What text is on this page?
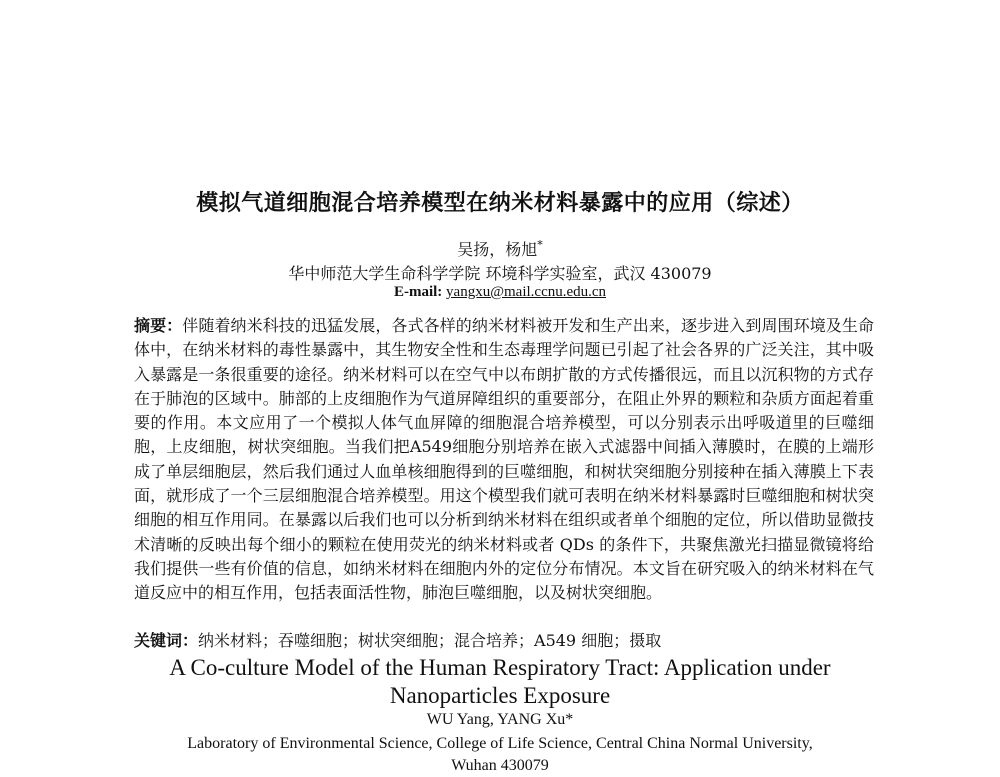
模拟气道细胞混合培养模型在纳米材料暴露中的应用（综述）
吴扬，杨旭*
华中师范大学生命科学学院 环境科学实验室，武汉 430079
E-mail: yangxu@mail.ccnu.edu.cn
摘要：伴随着纳米科技的迅猛发展，各式各样的纳米材料被开发和生产出来，逐步进入到周围环境及生命体中，在纳米材料的毒性暴露中，其生物安全性和生态毒理学问题已引起了社会各界的广泛关注，其中吸入暴露是一条很重要的途径。纳米材料可以在空气中以布朗扩散的方式传播很远，而且以沉积物的方式存在于肺泡的区域中。肺部的上皮细胞作为气道屏障组织的重要部分，在阻止外界的颗粒和杂质方面起着重要的作用。本文应用了一个模拟人体气血屏障的细胞混合培养模型，可以分别表示出呼吸道里的巨噬细胞，上皮细胞，树状突细胞。当我们把A549细胞分别培养在嵌入式滤器中间插入薄膜时，在膜的上端形成了单层细胞层，然后我们通过人血单核细胞得到的巨噬细胞，和树状突细胞分别接种在插入薄膜上下表面，就形成了一个三层细胞混合培养模型。用这个模型我们就可表明在纳米材料暴露时巨噬细胞和树状突细胞的相互作用同。在暴露以后我们也可以分析到纳米材料在组织或者单个细胞的定位，所以借助显微技术清晰的反映出每个细小的颗粒在使用荧光的纳米材料或者 QDs 的条件下，共聚焦激光扫描显微镜将给我们提供一些有价值的信息，如纳米材料在细胞内外的定位分布情况。本文旨在研究吸入的纳米材料在气道反应中的相互作用，包括表面活性物，肺泡巨噬细胞，以及树状突细胞。
关键词：纳米材料；吞噬细胞；树状突细胞；混合培养；A549 细胞；摄取
A Co-culture Model of the Human Respiratory Tract: Application under
Nanoparticles Exposure
WU Yang, YANG Xu*
Laboratory of Environmental Science, College of Life Science, Central China Normal University,
Wuhan 430079
